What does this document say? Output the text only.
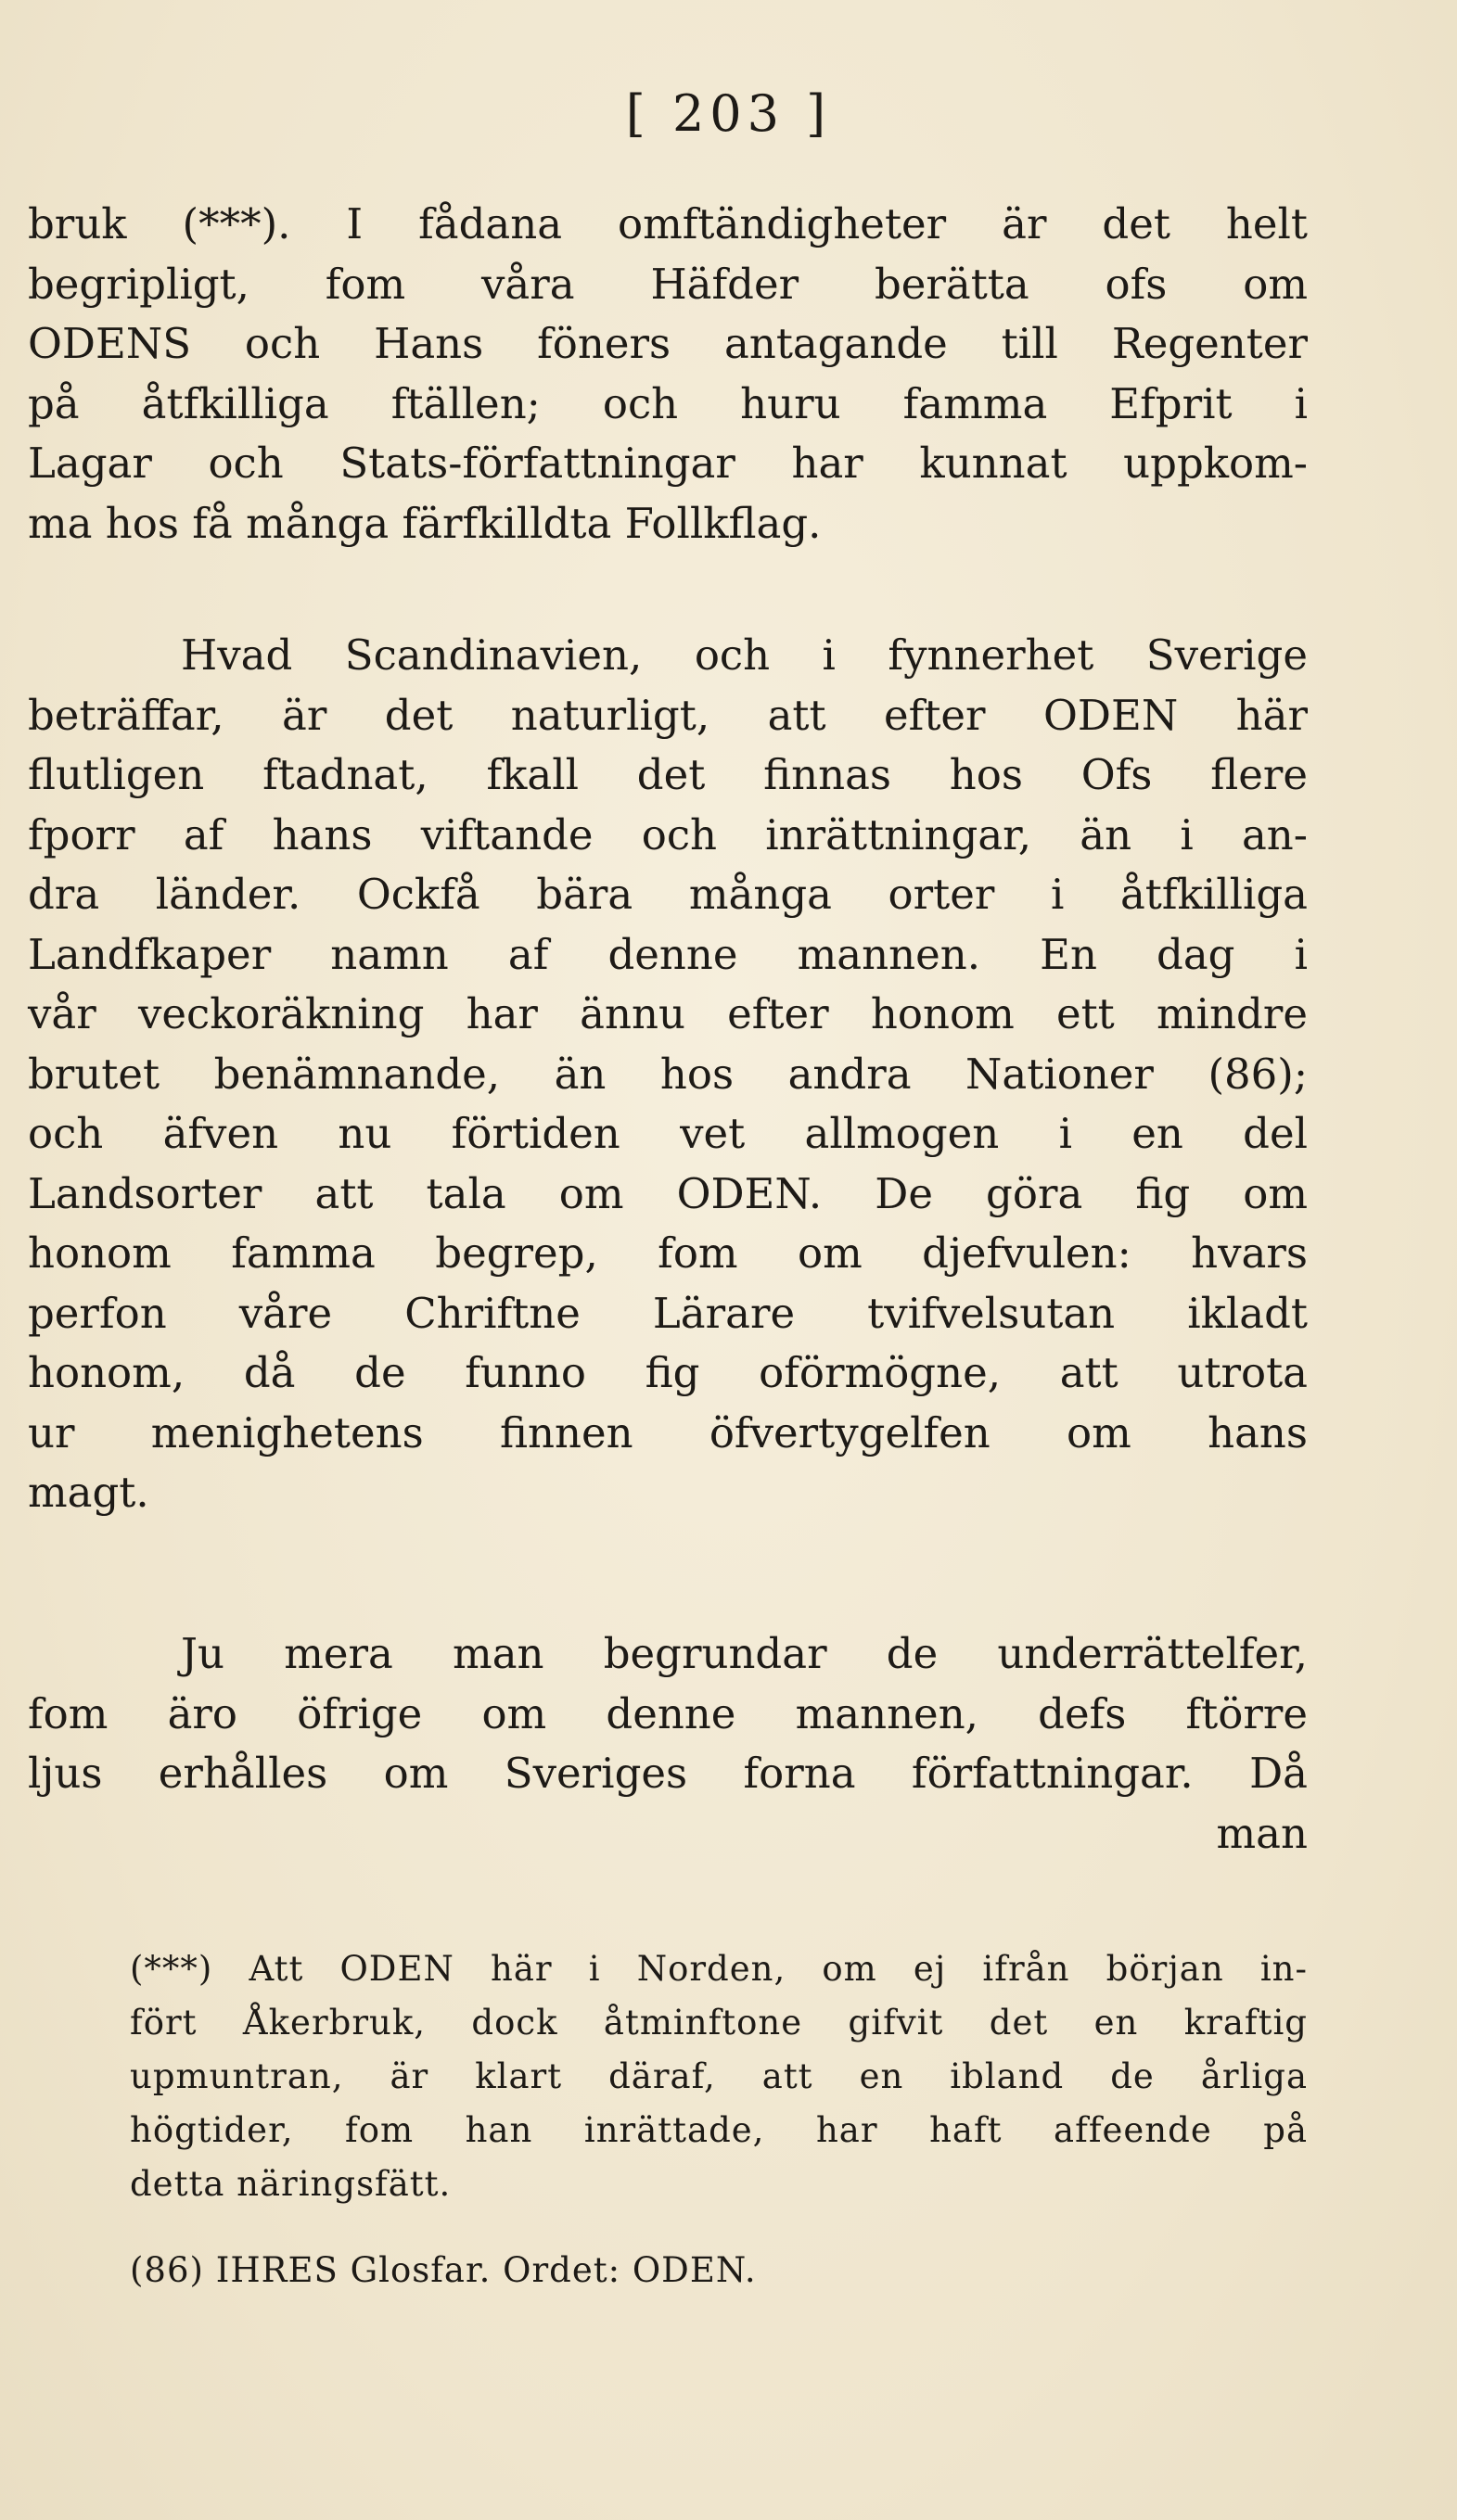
[ 203 ]
bruk (***). I fådana omftändigheter är det helt
begripligt, fom våra Häfder berätta ofs om
ODENS och Hans föners antagande till Regenter
på åtfkilliga ftällen; och huru famma Efprit i
Lagar och Stats-författningar har kunnat uppkom-
ma hos få många färfkilldta Follkflag.
Hvad Scandinavien, och i fynnerhet Sverige
beträffar, är det naturligt, att efter ODEN här
flutligen ftadnat, fkall det finnas hos Ofs flere
fporr af hans viftande och inrättningar, än i an-
dra länder. Ockfå bära många orter i åtfkilliga
Landfkaper namn af denne mannen. En dag i
vår veckoräkning har ännu efter honom ett mindre
brutet benämnande, än hos andra Nationer (86);
och äfven nu förtiden vet allmogen i en del
Landsorter att tala om ODEN. De göra fig om
honom famma begrep, fom om djefvulen: hvars
perfon våre Chriftne Lärare tvifvelsutan ikladt
honom, då de funno fig oförmögne, att utrota
ur menighetens finnen öfvertygelfen om hans
magt.
Ju mera man begrundar de underrättelfer,
fom äro öfrige om denne mannen, defs ftörre
ljus erhålles om Sveriges forna författningar. Då
man
(***) Att ODEN här i Norden, om ej ifrån början in-
fört Åkerbruk, dock åtminftone gifvit det en kraftig
upmuntran, är klart däraf, att en ibland de årliga
högtider, fom han inrättade, har haft affeende på
detta näringsfätt.
(86) IHRES Glosfar. Ordet: ODEN.
